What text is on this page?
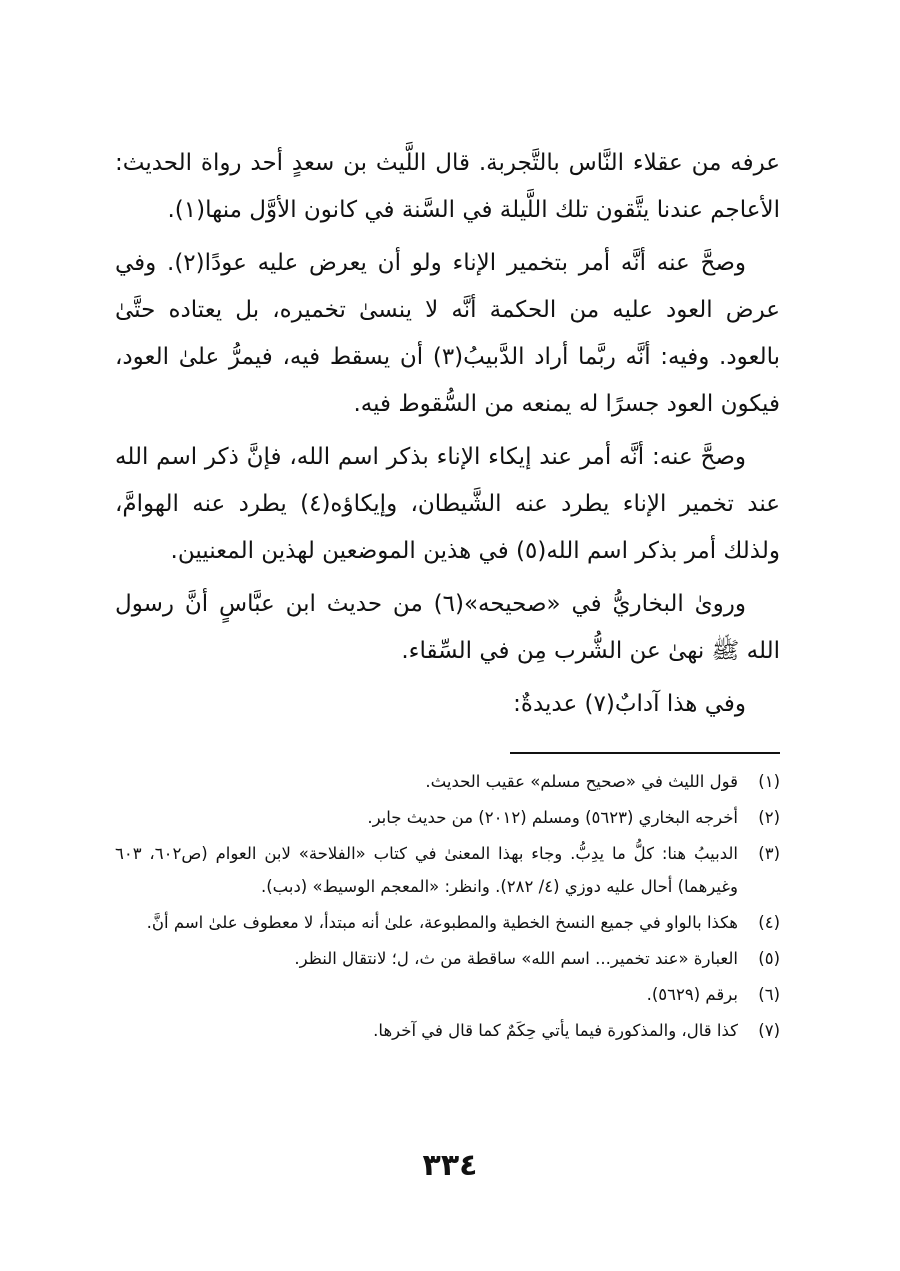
عرفه من عقلاء النَّاس بالتَّجربة. قال اللَّيث بن سعدٍ أحد رواة الحديث: الأعاجم عندنا يتَّقون تلك اللَّيلة في السَّنة في كانون الأوَّل منها(١).

وصحَّ عنه أنَّه أمر بتخمير الإناء ولو أن يعرض عليه عودًا(٢). وفي عرض العود عليه من الحكمة أنَّه لا ينسىٰ تخميره، بل يعتاده حتَّىٰ بالعود. وفيه: أنَّه ربَّما أراد الدَّبيبُ(٣) أن يسقط فيه، فيمرُّ علىٰ العود، فيكون العود جسرًا له يمنعه من السُّقوط فيه.

وصحَّ عنه: أنَّه أمر عند إيكاء الإناء بذكر اسم الله، فإنَّ ذكر اسم الله عند تخمير الإناء يطرد عنه الشَّيطان، وإيكاؤه(٤) يطرد عنه الهوامَّ، ولذلك أمر بذكر اسم الله(٥) في هذين الموضعين لهذين المعنيين.

وروىٰ البخاريُّ في «صحيحه»(٦) من حديث ابن عبَّاسٍ أنَّ رسول الله ﷺ نهىٰ عن الشُّرب مِن في السِّقاء.

وفي هذا آدابٌ(٧) عديدةٌ:

(١)
قول الليث في «صحيح مسلم» عقيب الحديث.
(٢)
أخرجه البخاري (٥٦٢٣) ومسلم (٢٠١٢) من حديث جابر.
(٣)
الدبيبُ هنا: كلُّ ما يدِبُّ. وجاء بهذا المعنىٰ في كتاب «الفلاحة» لابن العوام (ص٦٠٢، ٦٠٣ وغيرهما) أحال عليه دوزي (٤/ ٢٨٢). وانظر: «المعجم الوسيط» (دبب).
(٤)
هكذا بالواو في جميع النسخ الخطية والمطبوعة، علىٰ أنه مبتدأ، لا معطوف علىٰ اسم أنَّ.
(٥)
العبارة «عند تخمير... اسم الله» ساقطة من ث، ل؛ لانتقال النظر.
(٦)
برقم (٥٦٢٩).
(٧)
كذا قال، والمذكورة فيما يأتي حِكَمٌ كما قال في آخرها.
٣٣٤
